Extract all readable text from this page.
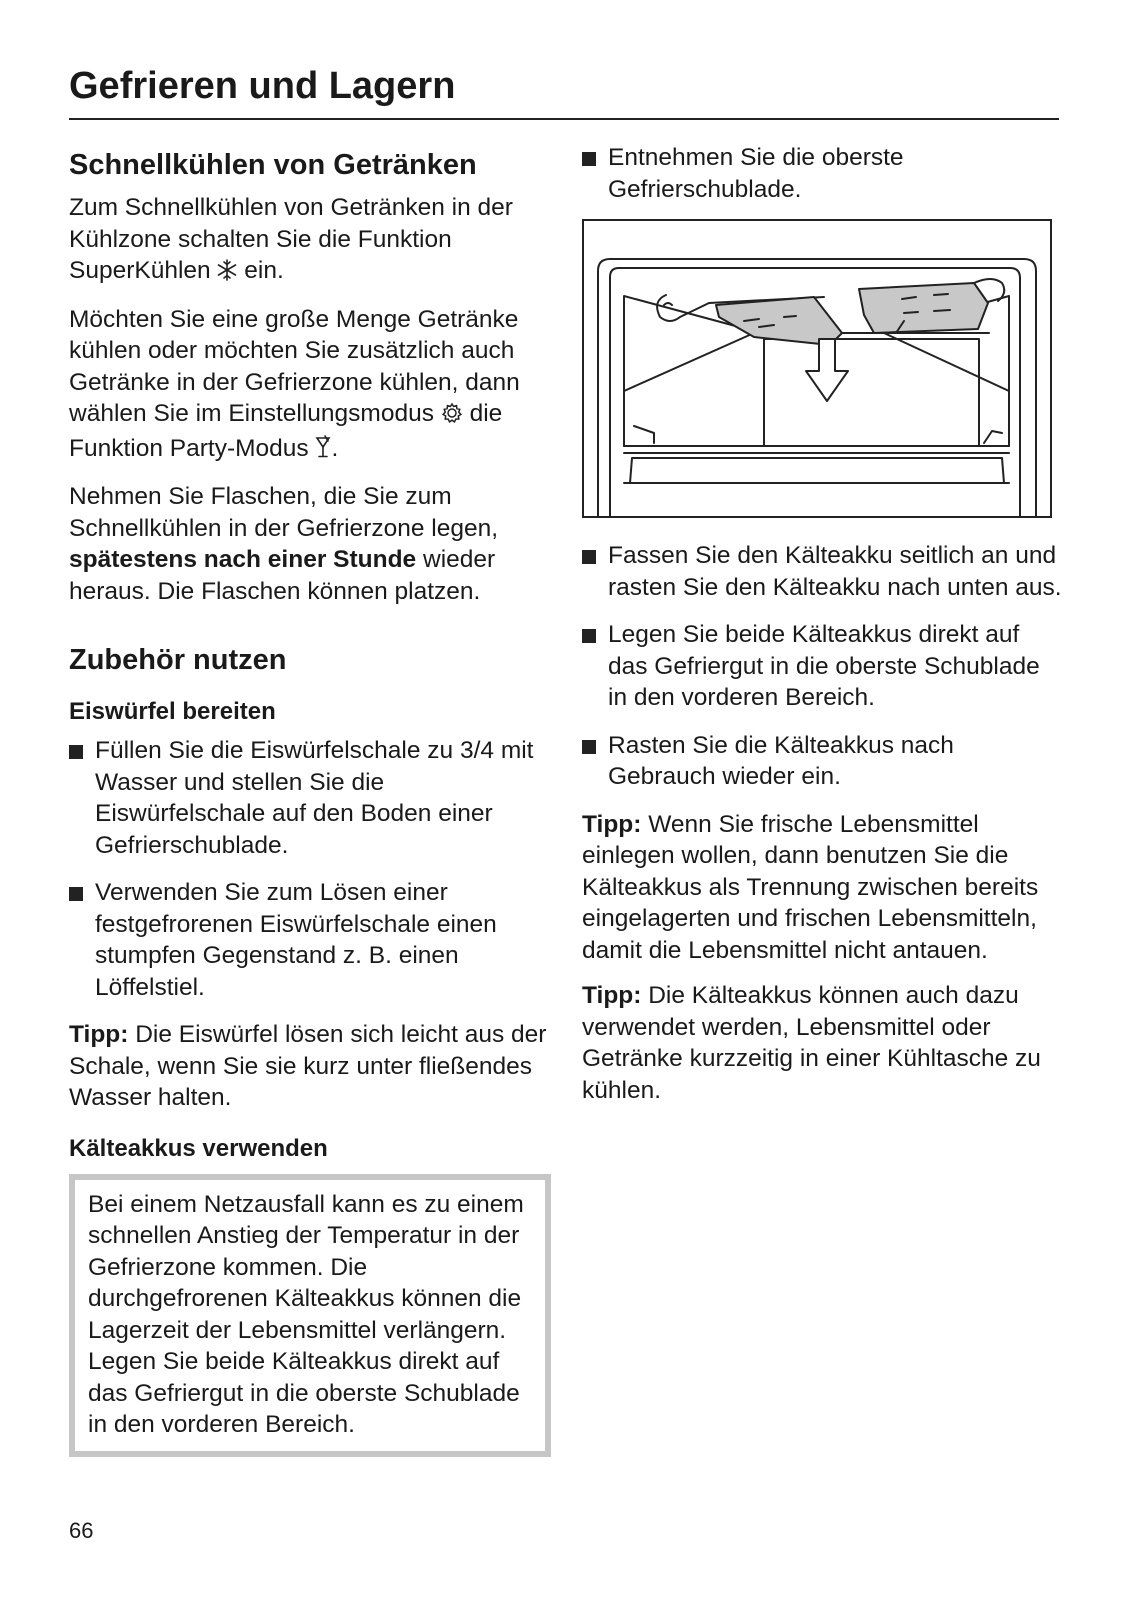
Gefrieren und Lagern
Schnellkühlen von Getränken

Zum Schnellkühlen von Getränken in der Kühlzone schalten Sie die Funktion SuperKühlen  ein.

Möchten Sie eine große Menge Getränke kühlen oder möchten Sie zusätzlich auch Getränke in der Gefrierzone kühlen, dann wählen Sie im Einstellungsmodus  die Funktion Party-Modus .

Nehmen Sie Flaschen, die Sie zum Schnellkühlen in der Gefrierzone legen, spätestens nach einer Stunde wieder heraus. Die Flaschen können platzen.

Zubehör nutzen
Eiswürfel bereiten
Füllen Sie die Eiswürfelschale zu 3/4 mit Wasser und stellen Sie die Eiswürfelschale auf den Boden einer Gefrierschublade.
Verwenden Sie zum Lösen einer festgefrorenen Eiswürfelschale einen stumpfen Gegenstand z. B. einen Löffelstiel.

Tipp: Die Eiswürfel lösen sich leicht aus der Schale, wenn Sie sie kurz unter fließendes Wasser halten.

Kälteakkus verwenden

Bei einem Netzausfall kann es zu einem schnellen Anstieg der Temperatur in der Gefrierzone kommen. Die durchgefrorenen Kälteakkus können die Lagerzeit der Lebensmittel verlängern.

Legen Sie beide Kälteakkus direkt auf das Gefriergut in die oberste Schublade in den vorderen Bereich.

Entnehmen Sie die oberste Gefrierschublade.
Fassen Sie den Kälteakku seitlich an und rasten Sie den Kälteakku nach unten aus.
Legen Sie beide Kälteakkus direkt auf das Gefriergut in die oberste Schublade in den vorderen Bereich.
Rasten Sie die Kälteakkus nach Gebrauch wieder ein.

Tipp: Wenn Sie frische Lebensmittel einlegen wollen, dann benutzen Sie die Kälteakkus als Trennung zwischen bereits eingelagerten und frischen Lebensmitteln, damit die Lebensmittel nicht antauen.

Tipp: Die Kälteakkus können auch dazu verwendet werden, Lebensmittel oder Getränke kurzzeitig in einer Kühltasche zu kühlen.

66
